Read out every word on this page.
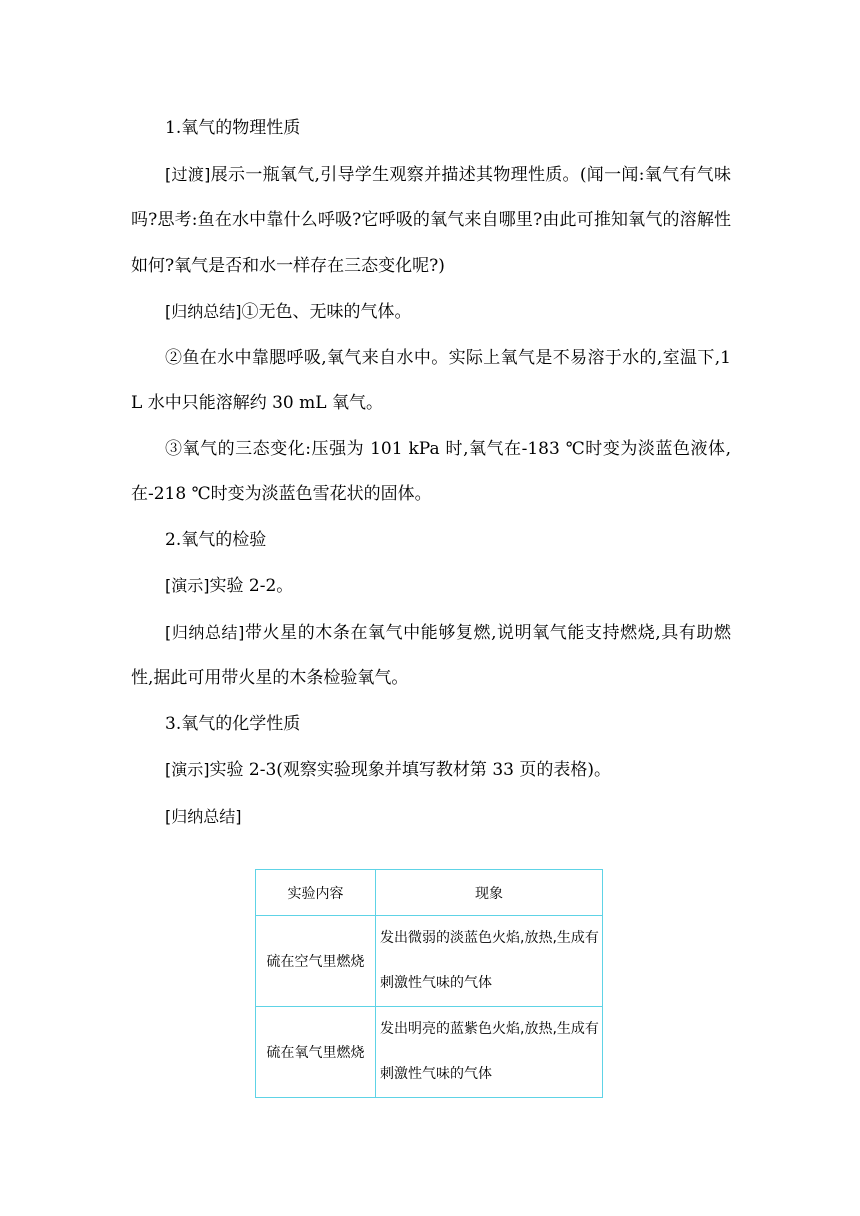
1.氧气的物理性质

[过渡]展示一瓶氧气,引导学生观察并描述其物理性质。(闻一闻:氧气有气味吗?思考:鱼在水中靠什么呼吸?它呼吸的氧气来自哪里?由此可推知氧气的溶解性如何?氧气是否和水一样存在三态变化呢?)

[归纳总结]①无色、无味的气体。

②鱼在水中靠腮呼吸,氧气来自水中。实际上氧气是不易溶于水的,室温下,1 L 水中只能溶解约 30 mL 氧气。

③氧气的三态变化:压强为 101 kPa 时,氧气在-183 ℃时变为淡蓝色液体,在-218 ℃时变为淡蓝色雪花状的固体。

2.氧气的检验

[演示]实验 2-2。

[归纳总结]带火星的木条在氧气中能够复燃,说明氧气能支持燃烧,具有助燃性,据此可用带火星的木条检验氧气。

3.氧气的化学性质

[演示]实验 2-3(观察实验现象并填写教材第 33 页的表格)。

[归纳总结]

实验内容	现象
硫在空气里燃烧	发出微弱的淡蓝色火焰,放热,生成有刺激性气味的气体

硫在氧气里燃烧	发出明亮的蓝紫色火焰,放热,生成有刺激性气味的气体
